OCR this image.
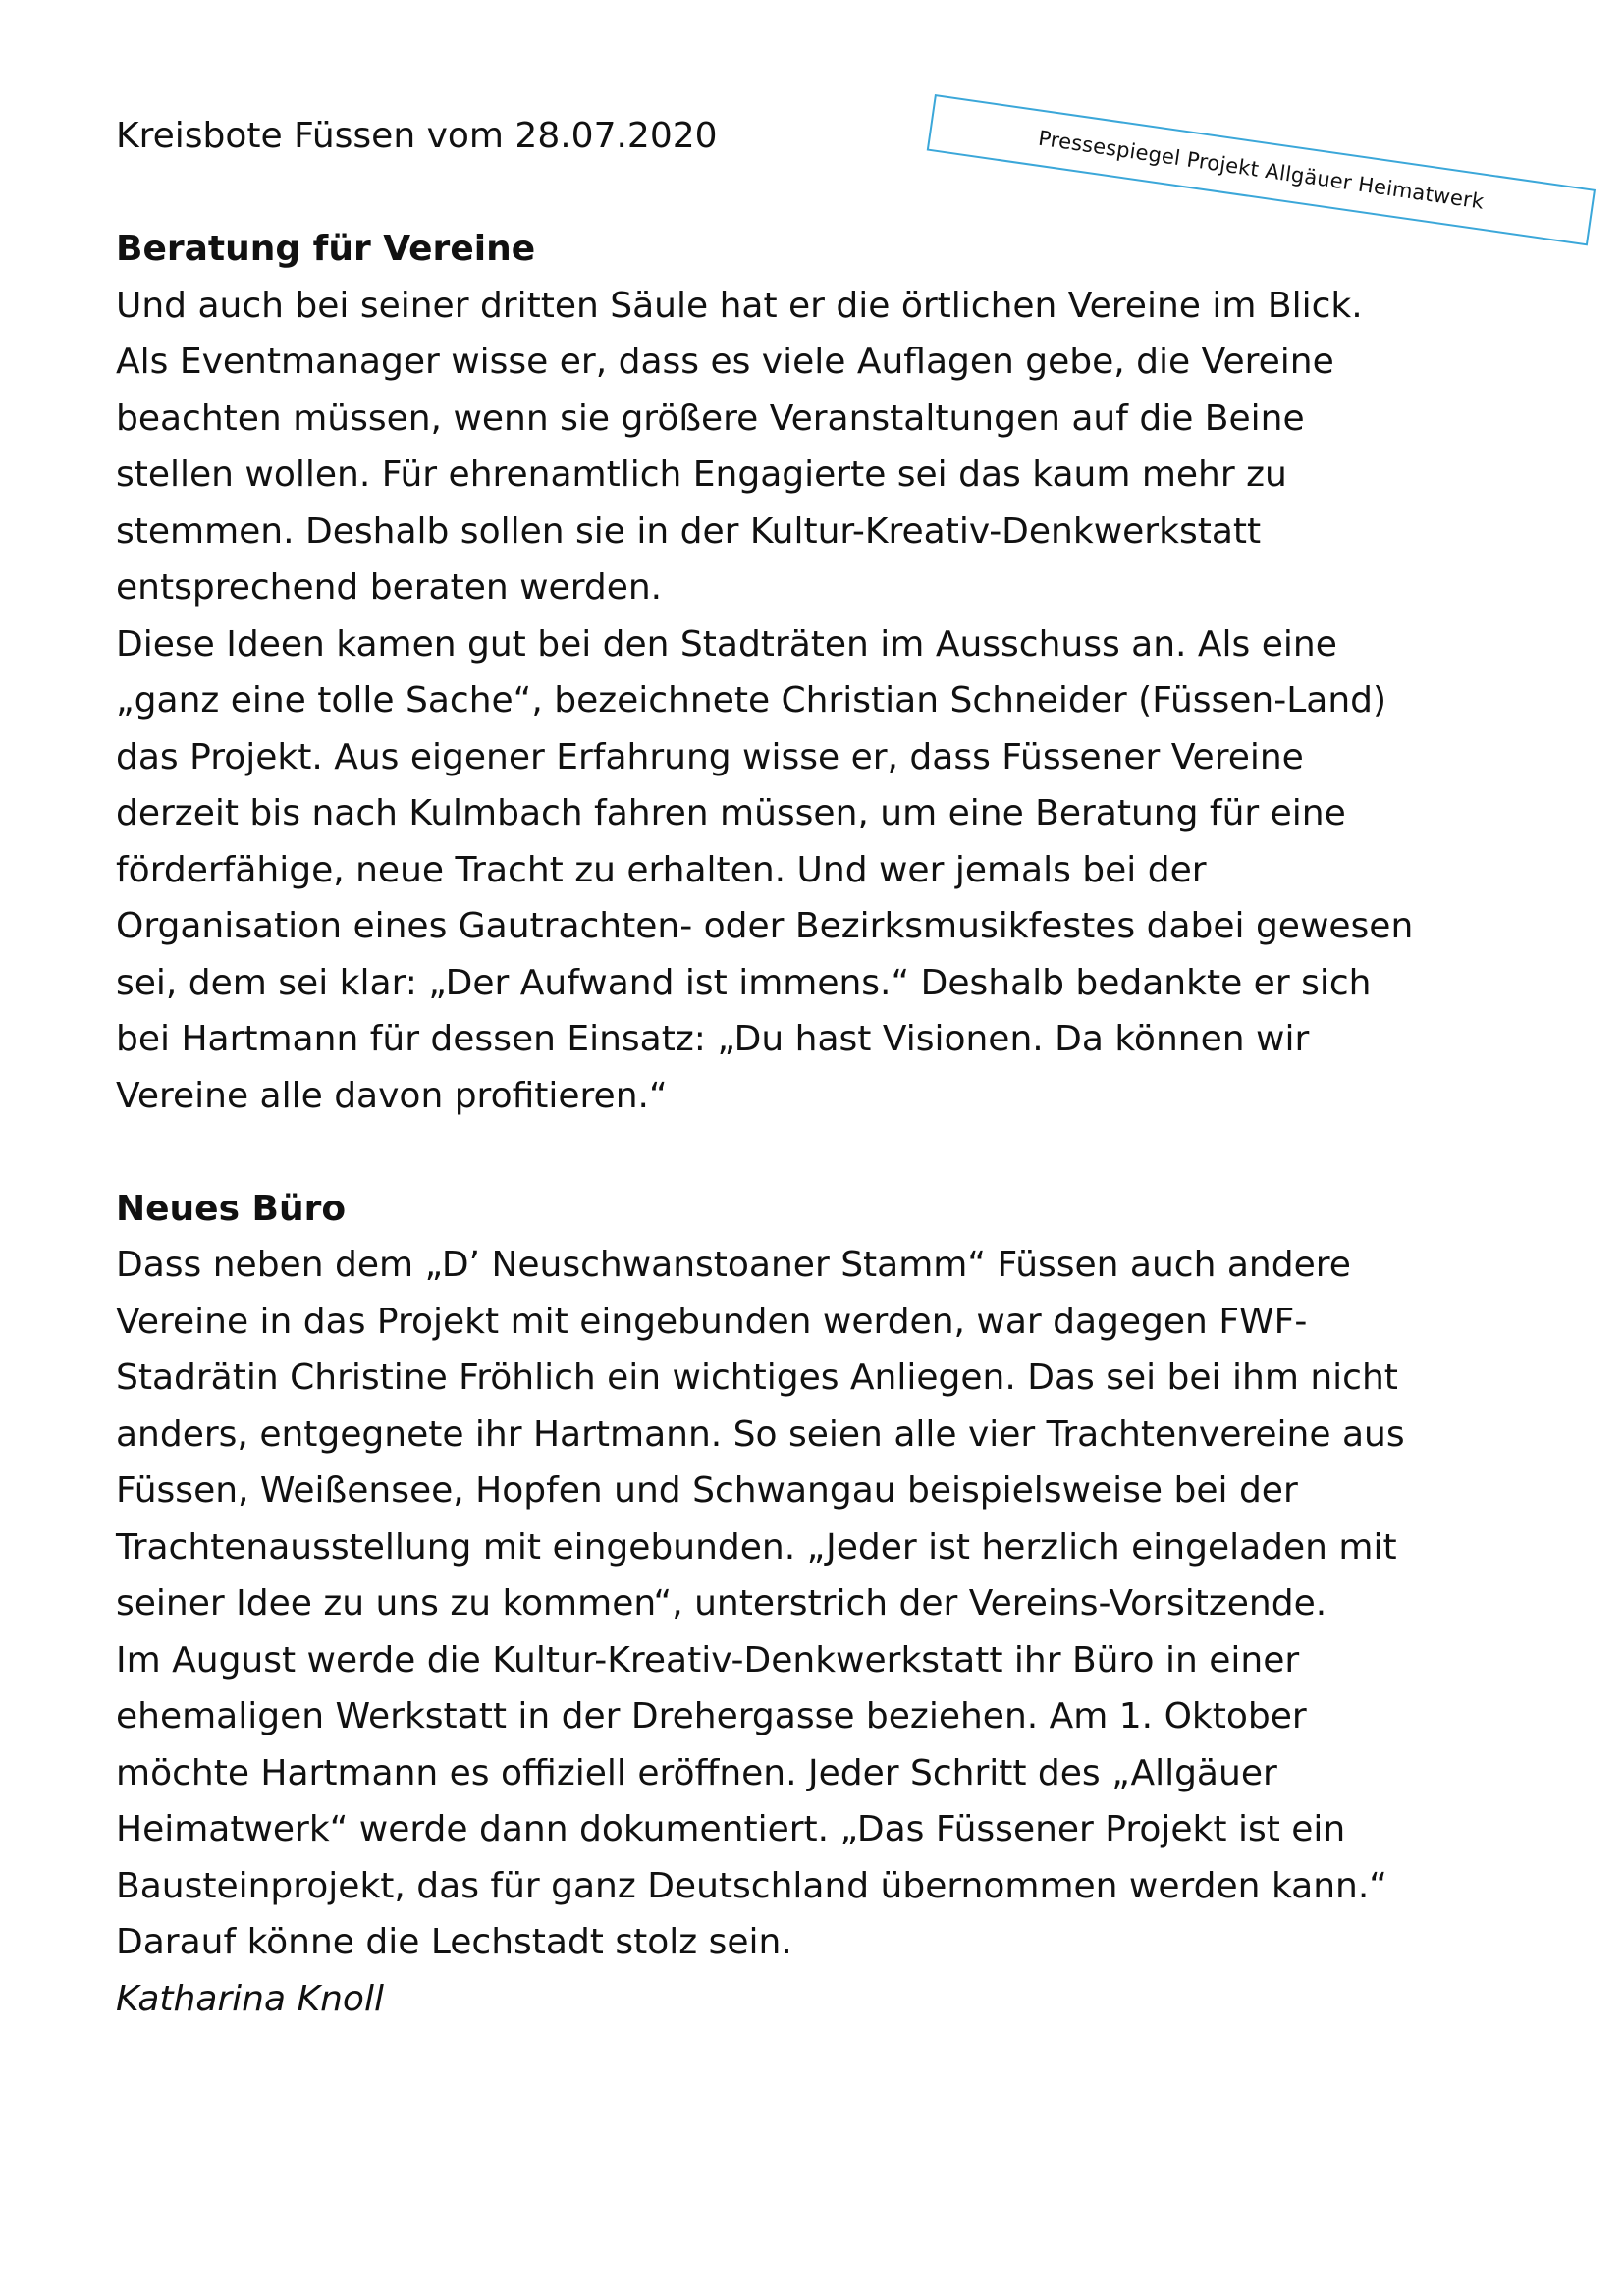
Pressespiegel Projekt Allgäuer Heimatwerk

Kreisbote Füssen vom 28.07.2020

Beratung für Vereine

Und auch bei seiner dritten Säule hat er die örtlichen Vereine im Blick.

Als Eventmanager wisse er, dass es viele Auflagen gebe, die Vereine

beachten müssen, wenn sie größere Veranstaltungen auf die Beine

stellen wollen. Für ehrenamtlich Engagierte sei das kaum mehr zu

stemmen. Deshalb sollen sie in der Kultur-Kreativ-Denkwerkstatt

entsprechend beraten werden.

Diese Ideen kamen gut bei den Stadträten im Ausschuss an. Als eine

„ganz eine tolle Sache“, bezeichnete Christian Schneider (Füssen-Land)

das Projekt. Aus eigener Erfahrung wisse er, dass Füssener Vereine

derzeit bis nach Kulmbach fahren müssen, um eine Beratung für eine

förderfähige, neue Tracht zu erhalten. Und wer jemals bei der

Organisation eines Gautrachten- oder Bezirksmusikfestes dabei gewesen

sei, dem sei klar: „Der Aufwand ist immens.“ Deshalb bedankte er sich

bei Hartmann für dessen Einsatz: „Du hast Visionen. Da können wir

Vereine alle davon profitieren.“

Neues Büro

Dass neben dem „D’ Neuschwanstoaner Stamm“ Füssen auch andere

Vereine in das Projekt mit eingebunden werden, war dagegen FWF-

Stadrätin Christine Fröhlich ein wichtiges Anliegen. Das sei bei ihm nicht

anders, entgegnete ihr Hartmann. So seien alle vier Trachtenvereine aus

Füssen, Weißensee, Hopfen und Schwangau beispielsweise bei der

Trachtenausstellung mit eingebunden. „Jeder ist herzlich eingeladen mit

seiner Idee zu uns zu kommen“, unterstrich der Vereins-Vorsitzende.

Im August werde die Kultur-Kreativ-Denkwerkstatt ihr Büro in einer

ehemaligen Werkstatt in der Drehergasse beziehen. Am 1. Oktober

möchte Hartmann es offiziell eröffnen. Jeder Schritt des „Allgäuer

Heimatwerk“ werde dann dokumentiert. „Das Füssener Projekt ist ein

Bausteinprojekt, das für ganz Deutschland übernommen werden kann.“

Darauf könne die Lechstadt stolz sein.

Katharina Knoll
